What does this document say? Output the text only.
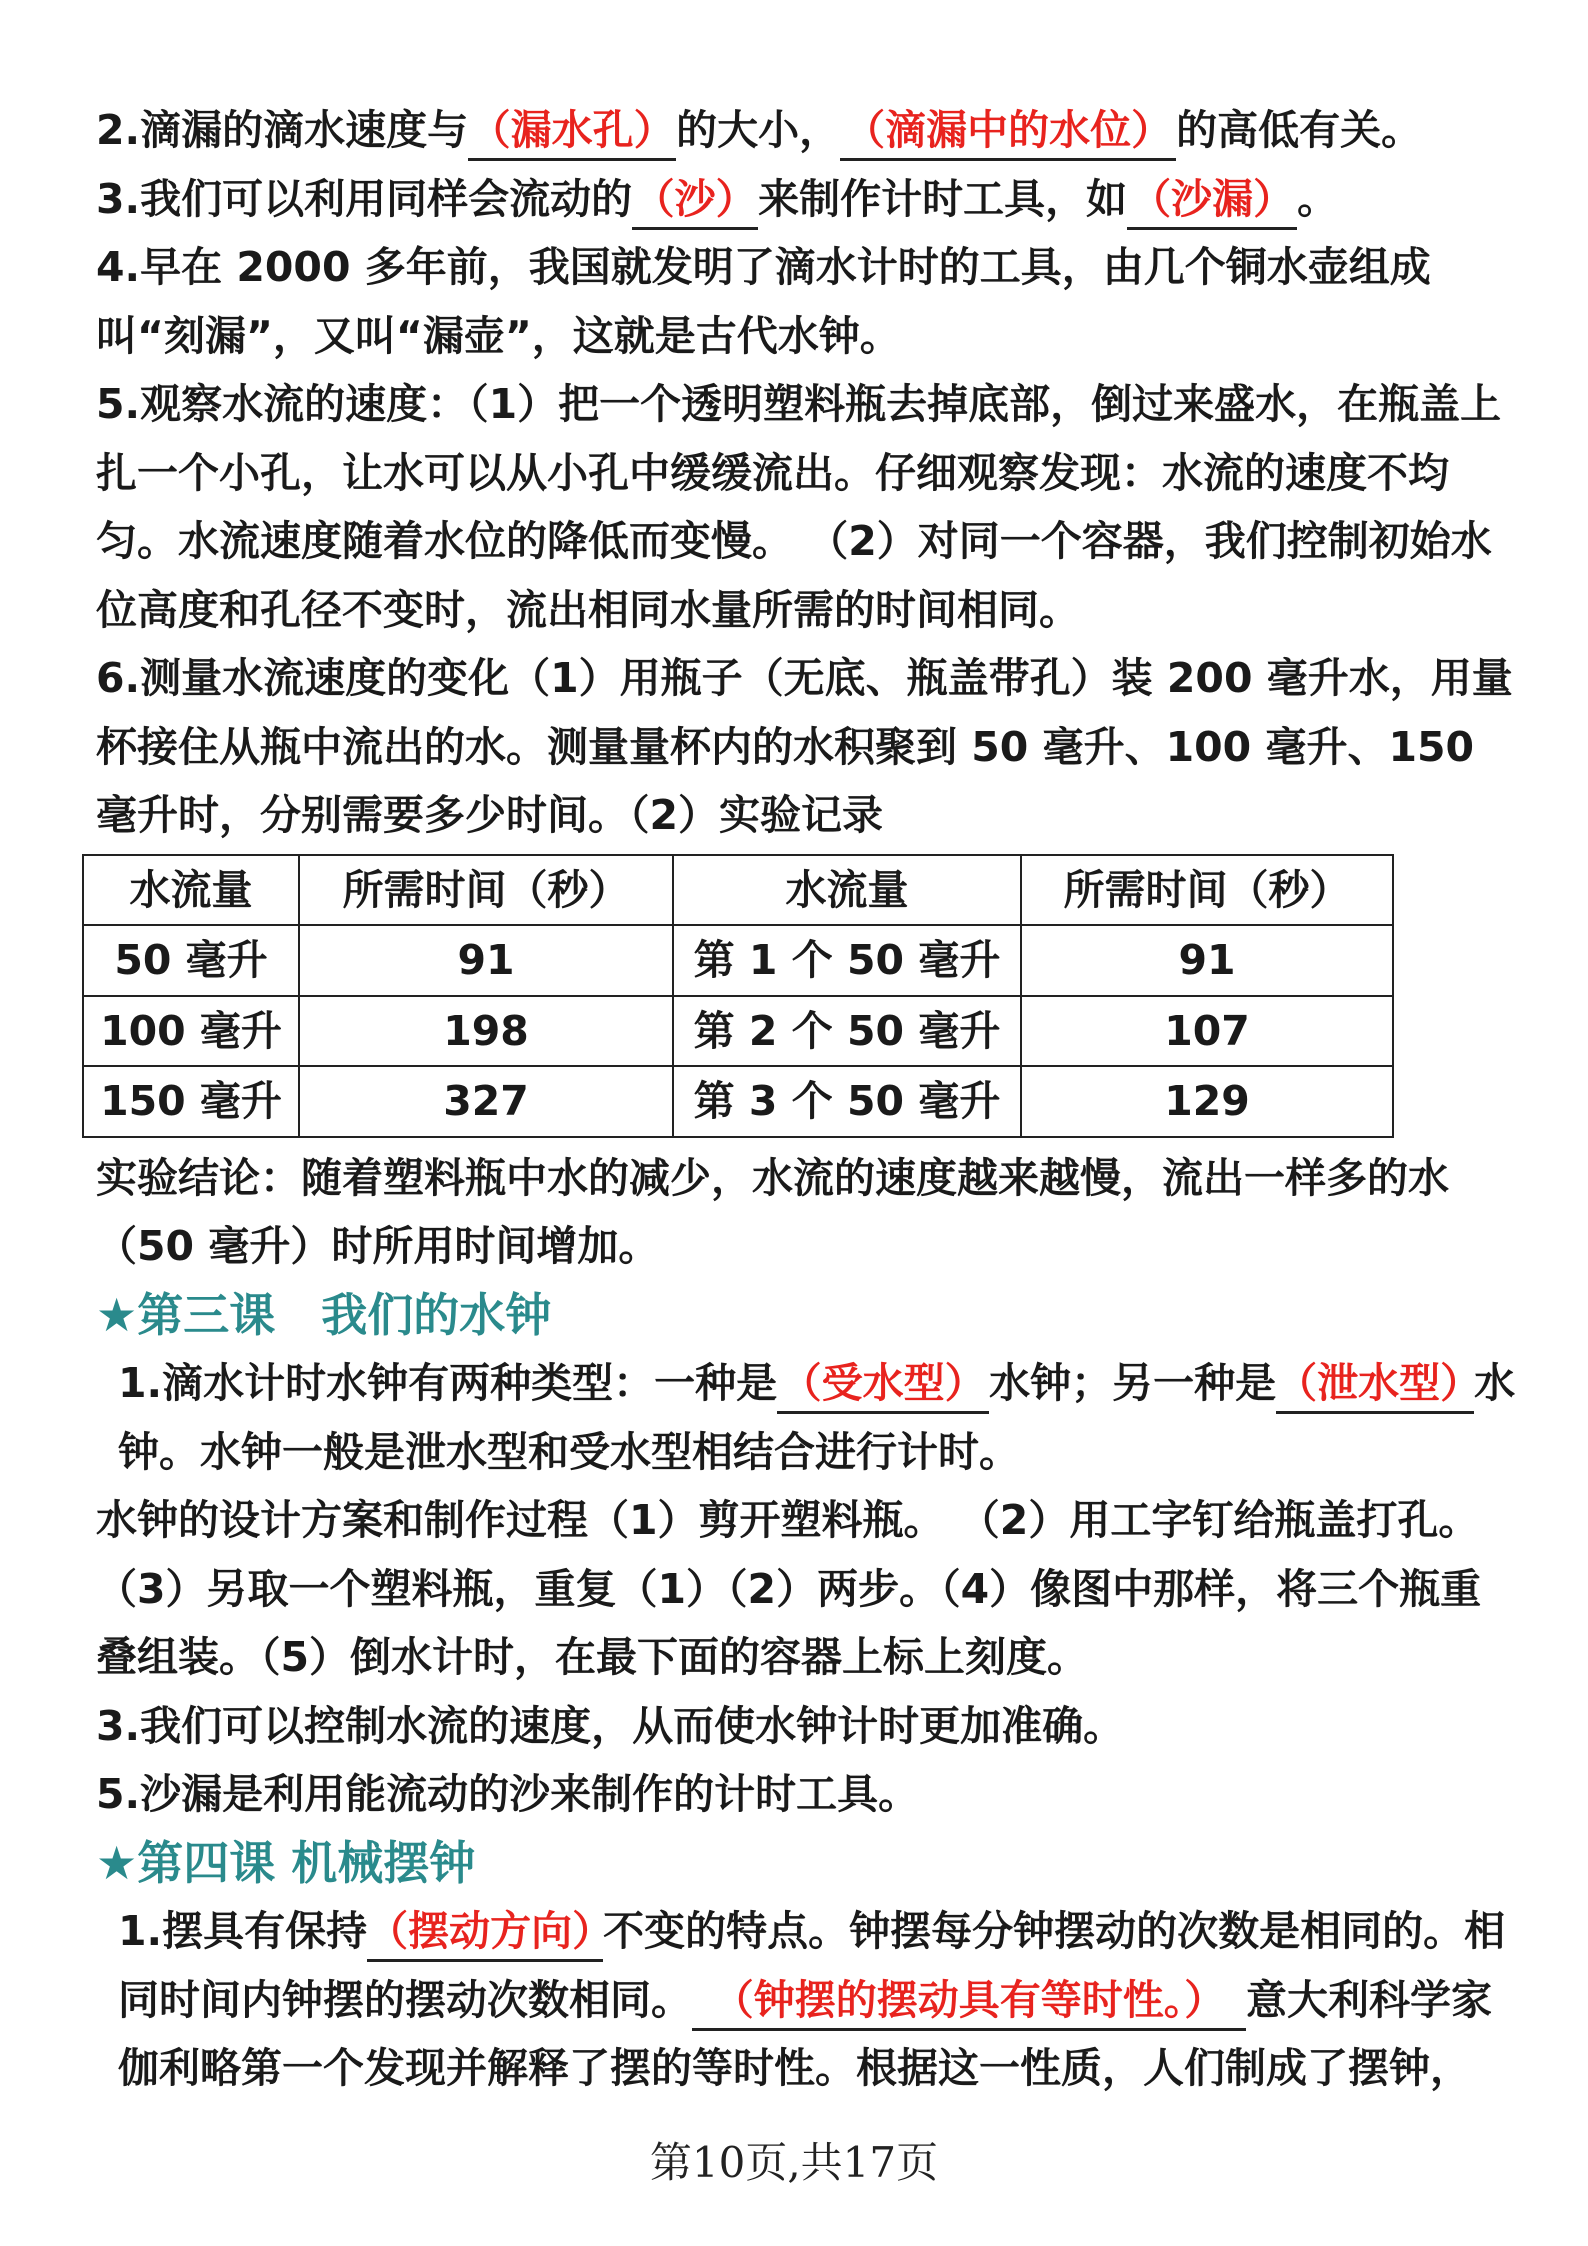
2.滴漏的滴水速度与（漏水孔）的大小，（滴漏中的水位）的高低有关。

3.我们可以利用同样会流动的（沙）来制作计时工具，如（沙漏）。

4.早在 2000 多年前，我国就发明了滴水计时的工具，由几个铜水壶组成叫“刻漏”，又叫“漏壶”，这就是古代水钟。

5.观察水流的速度：（1）把一个透明塑料瓶去掉底部，倒过来盛水，在瓶盖上扎一个小孔，让水可以从小孔中缓缓流出。仔细观察发现：水流的速度不均匀。水流速度随着水位的降低而变慢。 （2）对同一个容器，我们控制初始水位高度和孔径不变时，流出相同水量所需的时间相同。

6.测量水流速度的变化（1）用瓶子（无底、瓶盖带孔）装 200 毫升水，用量杯接住从瓶中流出的水。测量量杯内的水积聚到 50 毫升、100 毫升、150 毫升时，分别需要多少时间。（2）实验记录

水流量	所需时间（秒）	水流量	所需时间（秒）
50 毫升	91	第 1 个 50 毫升	91
100 毫升	198	第 2 个 50 毫升	107
150 毫升	327	第 3 个 50 毫升	129

实验结论：随着塑料瓶中水的减少，水流的速度越来越慢，流出一样多的水（50 毫升）时所用时间增加。

★第三课　我们的水钟

1.滴水计时水钟有两种类型：一种是（受水型）水钟；另一种是（泄水型）水钟。水钟一般是泄水型和受水型相结合进行计时。

水钟的设计方案和制作过程（1）剪开塑料瓶。 （2）用工字钉给瓶盖打孔。（3）另取一个塑料瓶，重复（1）（2）两步。（4）像图中那样，将三个瓶重叠组装。（5）倒水计时，在最下面的容器上标上刻度。

3.我们可以控制水流的速度，从而使水钟计时更加准确。

5.沙漏是利用能流动的沙来制作的计时工具。

★第四课 机械摆钟

1.摆具有保持（摆动方向）不变的特点。钟摆每分钟摆动的次数是相同的。相同时间内钟摆的摆动次数相同。 （钟摆的摆动具有等时性。） 意大利科学家伽利略第一个发现并解释了摆的等时性。根据这一性质，人们制成了摆钟，

第10页,共17页
